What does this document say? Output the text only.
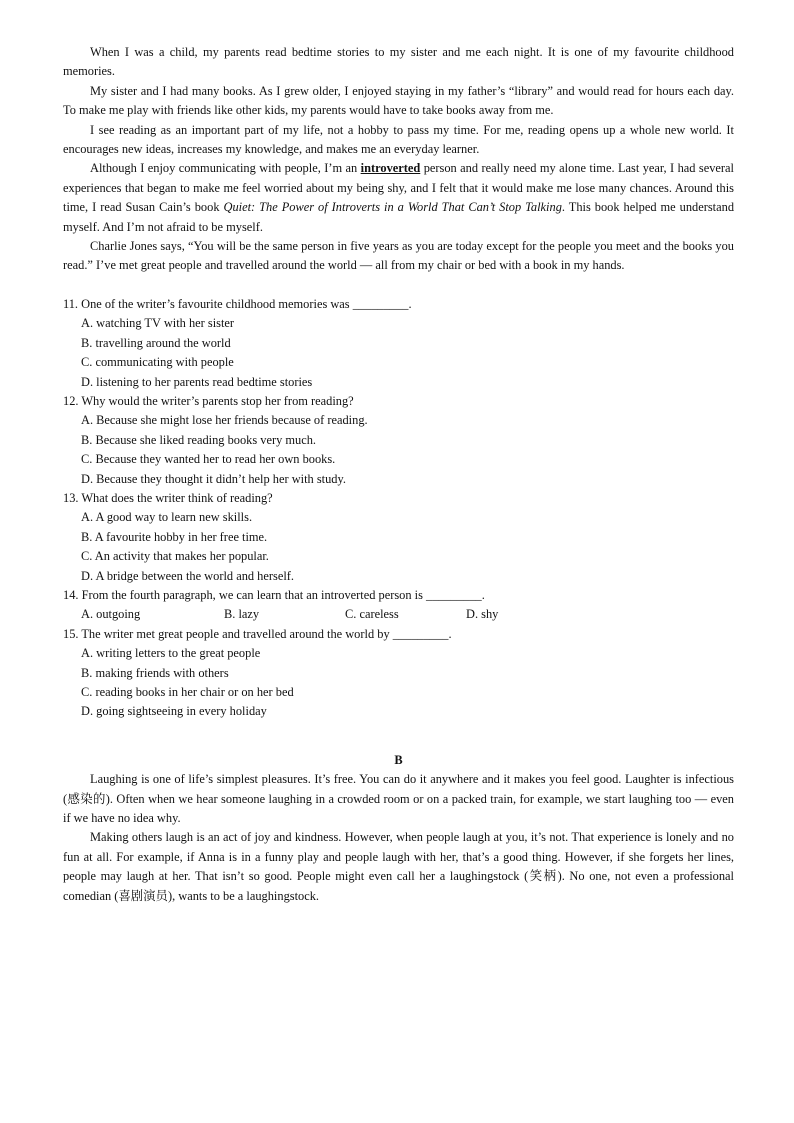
When I was a child, my parents read bedtime stories to my sister and me each night. It is one of my favourite childhood memories.

My sister and I had many books. As I grew older, I enjoyed staying in my father’s “library” and would read for hours each day. To make me play with friends like other kids, my parents would have to take books away from me.

I see reading as an important part of my life, not a hobby to pass my time. For me, reading opens up a whole new world. It encourages new ideas, increases my knowledge, and makes me an everyday learner.

Although I enjoy communicating with people, I’m an introverted person and really need my alone time. Last year, I had several experiences that began to make me feel worried about my being shy, and I felt that it would make me lose many chances. Around this time, I read Susan Cain’s book Quiet: The Power of Introverts in a World That Can’t Stop Talking. This book helped me understand myself. And I’m not afraid to be myself.

Charlie Jones says, “You will be the same person in five years as you are today except for the people you meet and the books you read.” I’ve met great people and travelled around the world — all from my chair or bed with a book in my hands.

11. One of the writer’s favourite childhood memories was _________.

A. watching TV with her sister

B. travelling around the world

C. communicating with people

D. listening to her parents read bedtime stories

12. Why would the writer’s parents stop her from reading?

A. Because she might lose her friends because of reading.

B. Because she liked reading books very much.

C. Because they wanted her to read her own books.

D. Because they thought it didn’t help her with study.

13. What does the writer think of reading?

A. A good way to learn new skills.

B. A favourite hobby in her free time.

C. An activity that makes her popular.

D. A bridge between the world and herself.

14. From the fourth paragraph, we can learn that an introverted person is _________.

A. outgoing	B. lazy	C. careless	D. shy

15. The writer met great people and travelled around the world by _________.

A. writing letters to the great people

B. making friends with others

C. reading books in her chair or on her bed

D. going sightseeing in every holiday

B

Laughing is one of life’s simplest pleasures. It’s free. You can do it anywhere and it makes you feel good. Laughter is infectious (感染的). Often when we hear someone laughing in a crowded room or on a packed train, for example, we start laughing too — even if we have no idea why.

Making others laugh is an act of joy and kindness. However, when people laugh at you, it’s not. That experience is lonely and no fun at all. For example, if Anna is in a funny play and people laugh with her, that’s a good thing. However, if she forgets her lines, people may laugh at her. That isn’t so good. People might even call her a laughingstock (笑柄). No one, not even a professional comedian (喜剧演员), wants to be a laughingstock.
